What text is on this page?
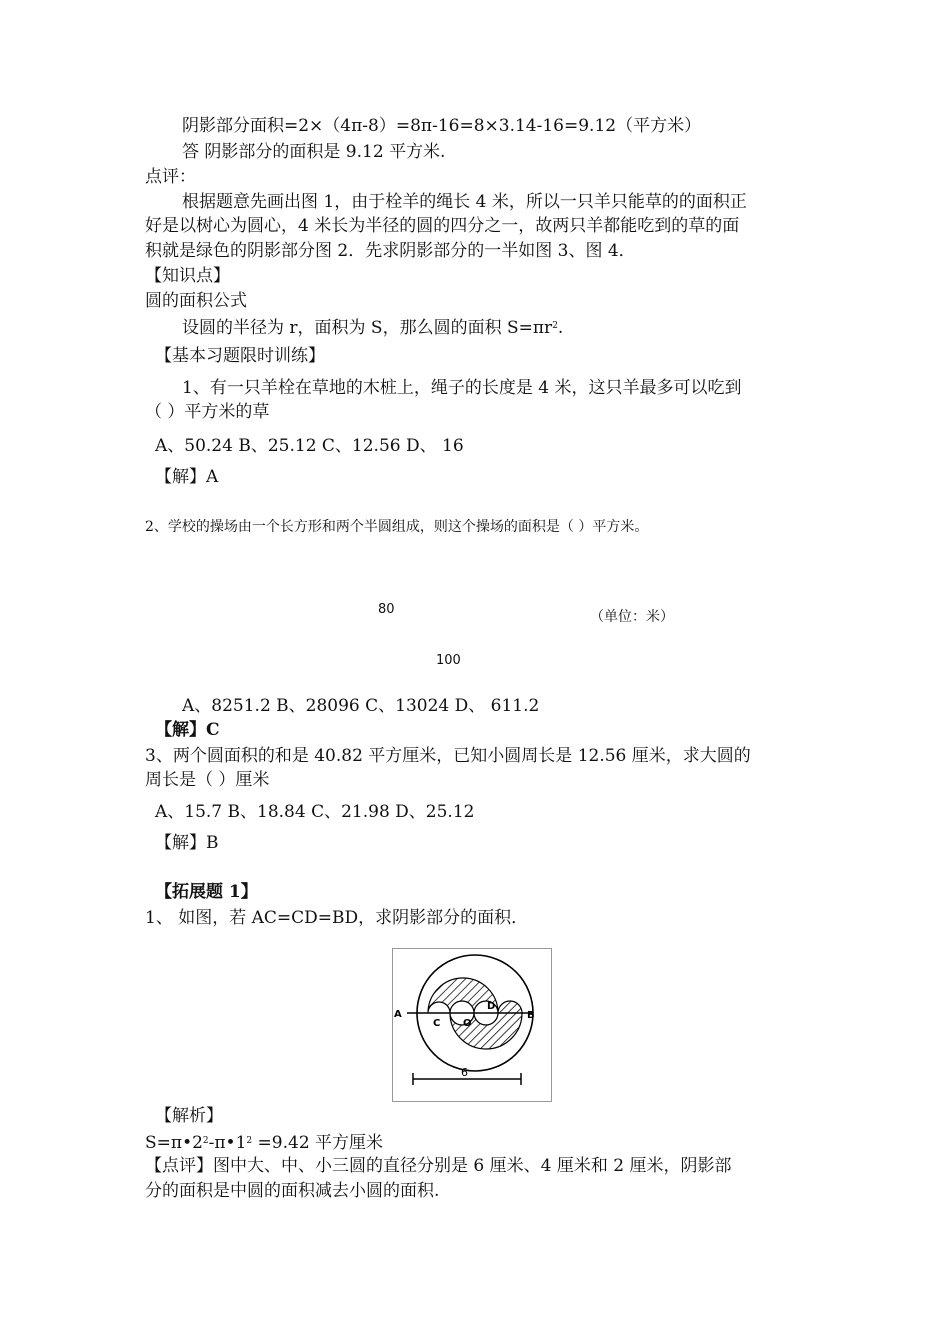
阴影部分面积=2×（4π-8）=8π-16=8×3.14-16=9.12（平方米）
答 阴影部分的面积是 9.12 平方米.
点评：
根据题意先画出图 1，由于栓羊的绳长 4 米，所以一只羊只能草的的面积正
好是以树心为圆心，4 米长为半径的圆的四分之一，故两只羊都能吃到的草的面
积就是绿色的阴影部分图 2．先求阴影部分的一半如图 3、图 4．
【知识点】
圆的面积公式
设圆的半径为 r，面积为 S，那么圆的面积 $S=\pi r^2$.
【基本习题限时训练】
1、有一只羊栓在草地的木桩上，绳子的长度是 4 米，这只羊最多可以吃到
（ ）平方米的草
A、50.24 B、25.12 C、12.56 D、 16
【解】A
2、学校的操场由一个长方形和两个半圆组成，则这个操场的面积是（ ）平方米。
80	（单位：米）
100
A、8251.2 B、28096 C、13024 D、 611.2
【解】C
3、两个圆面积的和是 40.82 平方厘米，已知小圆周长是 12.56 厘米，求大圆的
周长是（ ）厘米
A、15.7 B、18.84 C、21.98 D、25.12
【解】B
【拓展题 1】
1、 如图，若 AC=CD=BD，求阴影部分的面积．
A	B
C O
D
6
【解析】
$S=\pi•2^2-\pi•1^2 =9.42$ 平方厘米
【点评】图中大、中、小三圆的直径分别是 6 厘米、4 厘米和 2 厘米，阴影部
分的面积是中圆的面积减去小圆的面积.
